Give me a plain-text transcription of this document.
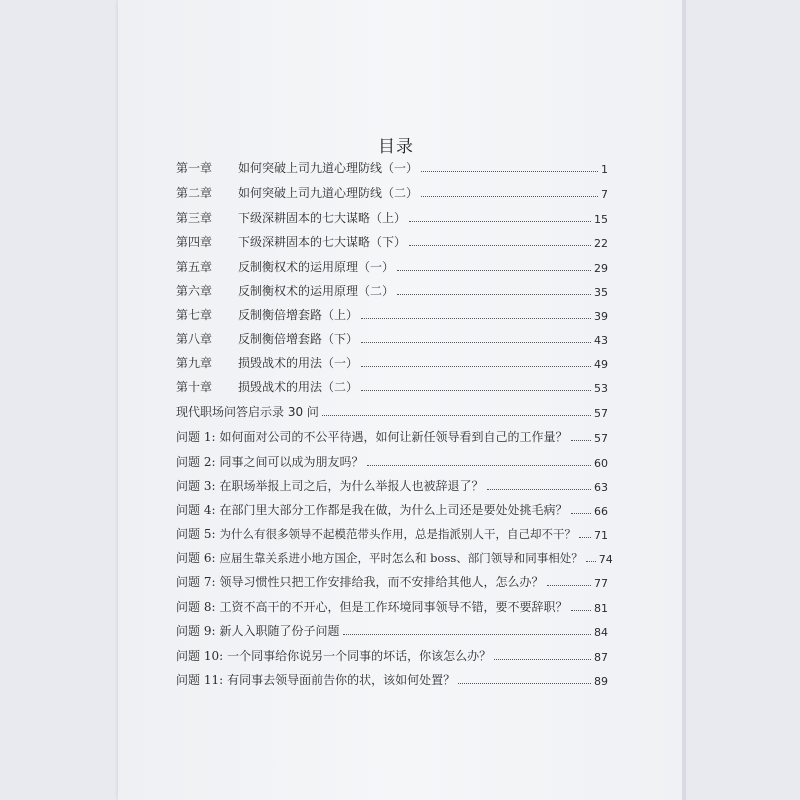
目录
第一章	如何突破上司九道心理防线（一）	1
第二章	如何突破上司九道心理防线（二）	7
第三章	下级深耕固本的七大谋略（上）	15
第四章	下级深耕固本的七大谋略（下）	22
第五章	反制衡权术的运用原理（一）	29
第六章	反制衡权术的运用原理（二）	35
第七章	反制衡倍增套路（上）	39
第八章	反制衡倍增套路（下）	43
第九章	损毁战术的用法（一）	49
第十章	损毁战术的用法（二）	53
现代职场问答启示录 30 问	57
问题 1: 如何面对公司的不公平待遇，如何让新任领导看到自己的工作量？ 57
问题 2: 同事之间可以成为朋友吗？	60
问题 3: 在职场举报上司之后，为什么举报人也被辞退了？	63
问题 4: 在部门里大部分工作都是我在做，为什么上司还是要处处挑毛病？ 66
问题 5: 为什么有很多领导不起模范带头作用，总是指派别人干，自己却不干？ 71
问题 6: 应届生靠关系进小地方国企，平时怎么和 boss、部门领导和同事相处？ 74
问题 7: 领导习惯性只把工作安排给我，而不安排给其他人，怎么办？	77
问题 8: 工资不高干的不开心，但是工作环境同事领导不错，要不要辞职？ 81
问题 9: 新人入职随了份子问题	84
问题 10: 一个同事给你说另一个同事的坏话，你该怎么办？	87
问题 11: 有同事去领导面前告你的状，该如何处置？	89
